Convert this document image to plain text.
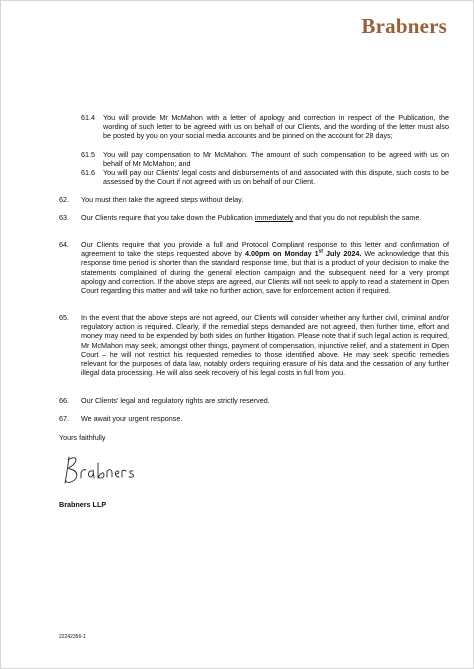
Brabners
61.4 You will provide Mr McMahon with a letter of apology and correction in respect of the Publication, the wording of such letter to be agreed with us on behalf of our Clients, and the wording of the letter must also be posted by you on your social media accounts and be pinned on the account for 28 days;
61.5 You will pay compensation to Mr McMahon. The amount of such compensation to be agreed with us on behalf of Mr McMahon; and
61.6 You will pay our Clients' legal costs and disbursements of and associated with this dispute, such costs to be assessed by the Court if not agreed with us on behalf of our Client.
62. You must then take the agreed steps without delay.
63. Our Clients require that you take down the Publication immediately and that you do not republish the same.
64. Our Clients require that you provide a full and Protocol Compliant response to this letter and confirmation of agreement to take the steps requested above by 4.00pm on Monday 1st July 2024. We acknowledge that this response time period is shorter than the standard response time, but that is a product of your decision to make the statements complained of during the general election campaign and the subsequent need for a very prompt apology and correction. If the above steps are agreed, our Clients will not seek to apply to read a statement in Open Court regarding this matter and will take no further action, save for enforcement action if required.
65. In the event that the above steps are not agreed, our Clients will consider whether any further civil, criminal and/or regulatory action is required. Clearly, if the remedial steps demanded are not agreed, then further time, effort and money may need to be expended by both sides on further litigation. Please note that if such legal action is required, Mr McMahon may seek, amongst other things, payment of compensation, injunctive relief, and a statement in Open Court – he will not restrict his requested remedies to those identified above. He may seek specific remedies relevant for the purposes of data law, notably orders requiring erasure of his data and the cessation of any further illegal data processing. He will also seek recovery of his legal costs in full from you.
66. Our Clients' legal and regulatory rights are strictly reserved.
67. We await your urgent response.
Yours faithfully
Brabners LLP
22242356-1
